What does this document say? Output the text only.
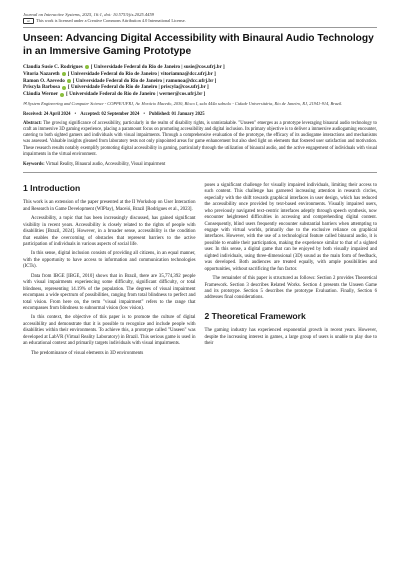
Journal on Interactive Systems, 2025, 16:1, doi: 10.5753/jis.2025.4459
cc	This work is licensed under a Creative Commons Attribution 4.0 International License.
Unseen: Advancing Digital Accessibility with Binaural Audio Technology in an Immersive Gaming Prototype
Claudia Susie C. Rodrigues [ Universidade Federal do Rio de Janeiro | susie@cos.ufrj.br ]
Vitoria Nazareth [ Universidade Federal do Rio de Janeiro | vitoriamna@dcc.ufrj.br ]
Ramon O. Azevedo [ Universidade Federal do Rio de Janeiro | ramonoa@dcc.ufrj.br ]
Priscyla Barbosa [ Universidade Federal do Rio de Janeiro | priscyla@cos.ufrj.br ]
Cláudia Werner [ Universidade Federal do Rio de Janeiro | werner@cos.ufrj.br ]
✉ System Engineering and Computer Science - COPPE/UFRJ, Av. Horácio Macedo, 2030, Bloco I, sala 444a subsolo - Cidade Universitária, Rio de Janeiro, RJ, 21941-914, Brazil.
Received: 24 April 2024 • Accepted: 02 September 2024 • Published: 01 January 2025
Abstract: The growing significance of accessibility, particularly in the realm of disability rights, is unmistakable. "Unseen" emerges as a prototype leveraging binaural audio technology to craft an immersive 3D gaming experience, placing a paramount focus on promoting accessibility and digital inclusion. Its primary objective is to deliver a immersive audiogaming encounter, catering to both sighted gamers and individuals with visual impairments. Through a comprehensive evaluation of the prototype, the efficacy of its audiogame interactions and mechanisms was assessed. Valuable insights gleaned from laboratory tests not only pinpointed areas for game enhancement but also shed light on elements that fostered user satisfaction and motivation. These research results notably exemplify promoting digital accessibility in gaming, particularly through the utilization of binaural audio, and the active engagement of individuals with visual impairments in the virtual environment.
Keywords: Virtual Reality, Binaural audio, Accessibility, Visual impairment
1 Introduction

This work is an extension of the paper presented at the II Workshop on User Interaction and Research in Game Development (WIPlay), Maceió, Brazil [Rodrigues et al., 2023].

Accessibility, a topic that has been increasingly discussed, has gained significant visibility in recent years. Accessibility is closely related to the rights of people with disabilities [Brazil, 2024]. However, in a broader sense, accessibility is the condition that enables the overcoming of obstacles that represent barriers to the active participation of individuals in various aspects of social life.

In this sense, digital inclusion consists of providing all citizens, in an equal manner, with the opportunity to have access to information and communication technologies (ICTs).

Data from IBGE [IBGE, 2010] shows that in Brazil, there are 35,774,392 people with visual impairments experiencing some difficulty, significant difficulty, or total blindness, representing 14.19% of the population. The degrees of visual impairment encompass a wide spectrum of possibilities, ranging from total blindness to perfect and total vision. From here on, the term "visual impairment" refers to the range that encompasses from blindness to subnormal vision (low vision).

In this context, the objective of this paper is to promote the culture of digital accessibility and demonstrate that it is possible to recognize and include people with disabilities within their environments. To achieve this, a prototype called "Unseen" was developed at LabVR (Virtual Reality Laboratory) in Brazil. This serious game is used in an educational context and primarily targets individuals with visual impairments.

The predominance of visual elements in 3D environments

poses a significant challenge for visually impaired individuals, limiting their access to such content. This challenge has garnered increasing attention in research circles, especially with the shift towards graphical interfaces in user design, which has reduced the accessibility once provided by text-based environments. Visually impaired users, who previously navigated text-centric interfaces adeptly through speech synthesis, now encounter heightened difficulties in accessing and comprehending digital content. Consequently, blind users frequently encounter substantial barriers when attempting to engage with virtual worlds, primarily due to the exclusive reliance on graphical interfaces. However, with the use of a technological feature called binaural audio, it is possible to enable their participation, making the experience similar to that of a sighted user. In this sense, a digital game that can be enjoyed by both visually impaired and sighted individuals, using three-dimensional (3D) sound as the main form of feedback, was developed. Both audiences are treated equally, with ample possibilities and opportunities, without sacrificing the fun factor.

The remainder of this paper is structured as follows: Section 2 provides Theoretical Framework. Section 3 describes Related Works. Section 4 presents the Unseen Game and its prototype. Section 5 describes the prototype Evaluation. Finally, Section 6 addresses final considerations.

2 Theoretical Framework

The gaming industry has experienced exponential growth in recent years. However, despite the increasing interest in games, a large group of users is unable to play due to their
